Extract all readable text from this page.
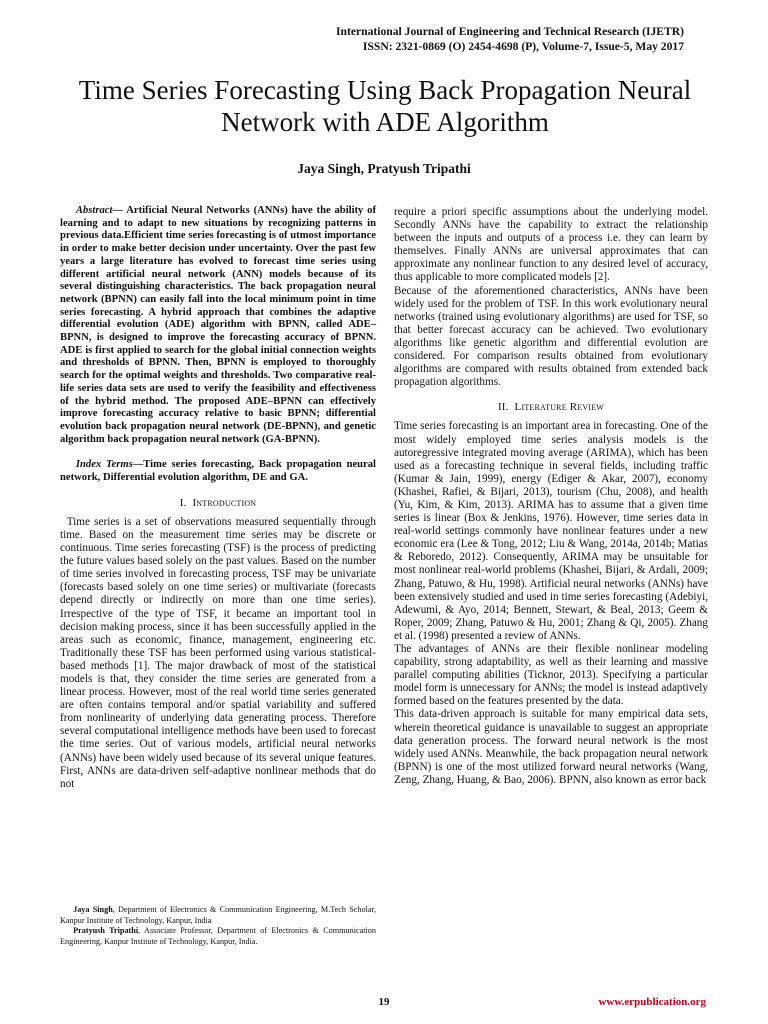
International Journal of Engineering and Technical Research (IJETR)
ISSN: 2321-0869 (O) 2454-4698 (P), Volume-7, Issue-5, May 2017
Time Series Forecasting Using Back Propagation Neural Network with ADE Algorithm
Jaya Singh, Pratyush Tripathi

Abstract— Artificial Neural Networks (ANNs) have the ability of learning and to adapt to new situations by recognizing patterns in previous data.Efficient time series forecasting is of utmost importance in order to make better decision under uncertainty. Over the past few years a large literature has evolved to forecast time series using different artificial neural network (ANN) models because of its several distinguishing characteristics. The back propagation neural network (BPNN) can easily fall into the local minimum point in time series forecasting. A hybrid approach that combines the adaptive differential evolution (ADE) algorithm with BPNN, called ADE–BPNN, is designed to improve the forecasting accuracy of BPNN. ADE is first applied to search for the global initial connection weights and thresholds of BPNN. Then, BPNN is employed to thoroughly search for the optimal weights and thresholds. Two comparative real-life series data sets are used to verify the feasibility and effectiveness of the hybrid method. The proposed ADE–BPNN can effectively improve forecasting accuracy relative to basic BPNN; differential evolution back propagation neural network (DE-BPNN), and genetic algorithm back propagation neural network (GA-BPNN).

Index Terms—Time series forecasting, Back propagation neural network, Differential evolution algorithm, DE and GA.

I. Introduction

Time series is a set of observations measured sequentially through time. Based on the measurement time series may be discrete or continuous. Time series forecasting (TSF) is the process of predicting the future values based solely on the past values. Based on the number of time series involved in forecasting process, TSF may be univariate (forecasts based solely on one time series) or multivariate (forecasts depend directly or indirectly on more than one time series). Irrespective of the type of TSF, it became an important tool in decision making process, since it has been successfully applied in the areas such as economic, finance, management, engineering etc. Traditionally these TSF has been performed using various statistical-based methods [1]. The major drawback of most of the statistical models is that, they consider the time series are generated from a linear process. However, most of the real world time series generated are often contains temporal and/or spatial variability and suffered from nonlinearity of underlying data generating process. Therefore several computational intelligence methods have been used to forecast the time series. Out of various models, artificial neural networks (ANNs) have been widely used because of its several unique features. First, ANNs are data-driven self-adaptive nonlinear methods that do not

require a priori specific assumptions about the underlying model. Secondly ANNs have the capability to extract the relationship between the inputs and outputs of a process i.e. they can learn by themselves. Finally ANNs are universal approximates that can approximate any nonlinear function to any desired level of accuracy, thus applicable to more complicated models [2].

Because of the aforementioned characteristics, ANNs have been widely used for the problem of TSF. In this work evolutionary neural networks (trained using evolutionary algorithms) are used for TSF, so that better forecast accuracy can be achieved. Two evolutionary algorithms like genetic algorithm and differential evolution are considered. For comparison results obtained from evolutionary algorithms are compared with results obtained from extended back propagation algorithms.

II. Literature Review

Time series forecasting is an important area in forecasting. One of the most widely employed time series analysis models is the autoregressive integrated moving average (ARIMA), which has been used as a forecasting technique in several fields, including traffic (Kumar & Jain, 1999), energy (Ediger & Akar, 2007), economy (Khashei, Rafiei, & Bijari, 2013), tourism (Chu, 2008), and health (Yu, Kim, & Kim, 2013). ARIMA has to assume that a given time series is linear (Box & Jenkins, 1976). However, time series data in real-world settings commonly have nonlinear features under a new economic era (Lee & Tong, 2012; Liu & Wang, 2014a, 2014b; Matias & Reboredo, 2012). Consequently, ARIMA may be unsuitable for most nonlinear real-world problems (Khashei, Bijari, & Ardali, 2009; Zhang, Patuwo, & Hu, 1998). Artificial neural networks (ANNs) have been extensively studied and used in time series forecasting (Adebiyi, Adewumi, & Ayo, 2014; Bennett, Stewart, & Beal, 2013; Geem & Roper, 2009; Zhang, Patuwo & Hu, 2001; Zhang & Qi, 2005). Zhang et al. (1998) presented a review of ANNs.

The advantages of ANNs are their flexible nonlinear modeling capability, strong adaptability, as well as their learning and massive parallel computing abilities (Ticknor, 2013). Specifying a particular model form is unnecessary for ANNs; the model is instead adaptively formed based on the features presented by the data.

This data-driven approach is suitable for many empirical data sets, wherein theoretical guidance is unavailable to suggest an appropriate data generation process. The forward neural network is the most widely used ANNs. Meanwhile, the back propagation neural network (BPNN) is one of the most utilized forward neural networks (Wang, Zeng, Zhang, Huang, & Bao, 2006). BPNN, also known as error back

Jaya Singh, Department of Electronics & Communication Engineering, M.Tech Scholar, Kanpur Institute of Technology, Kanpur, India

Pratyush Tripathi, Associate Professor, Department of Electronics & Communication Engineering, Kanpur Institute of Technology, Kanpur, India.

19	www.erpublication.org
